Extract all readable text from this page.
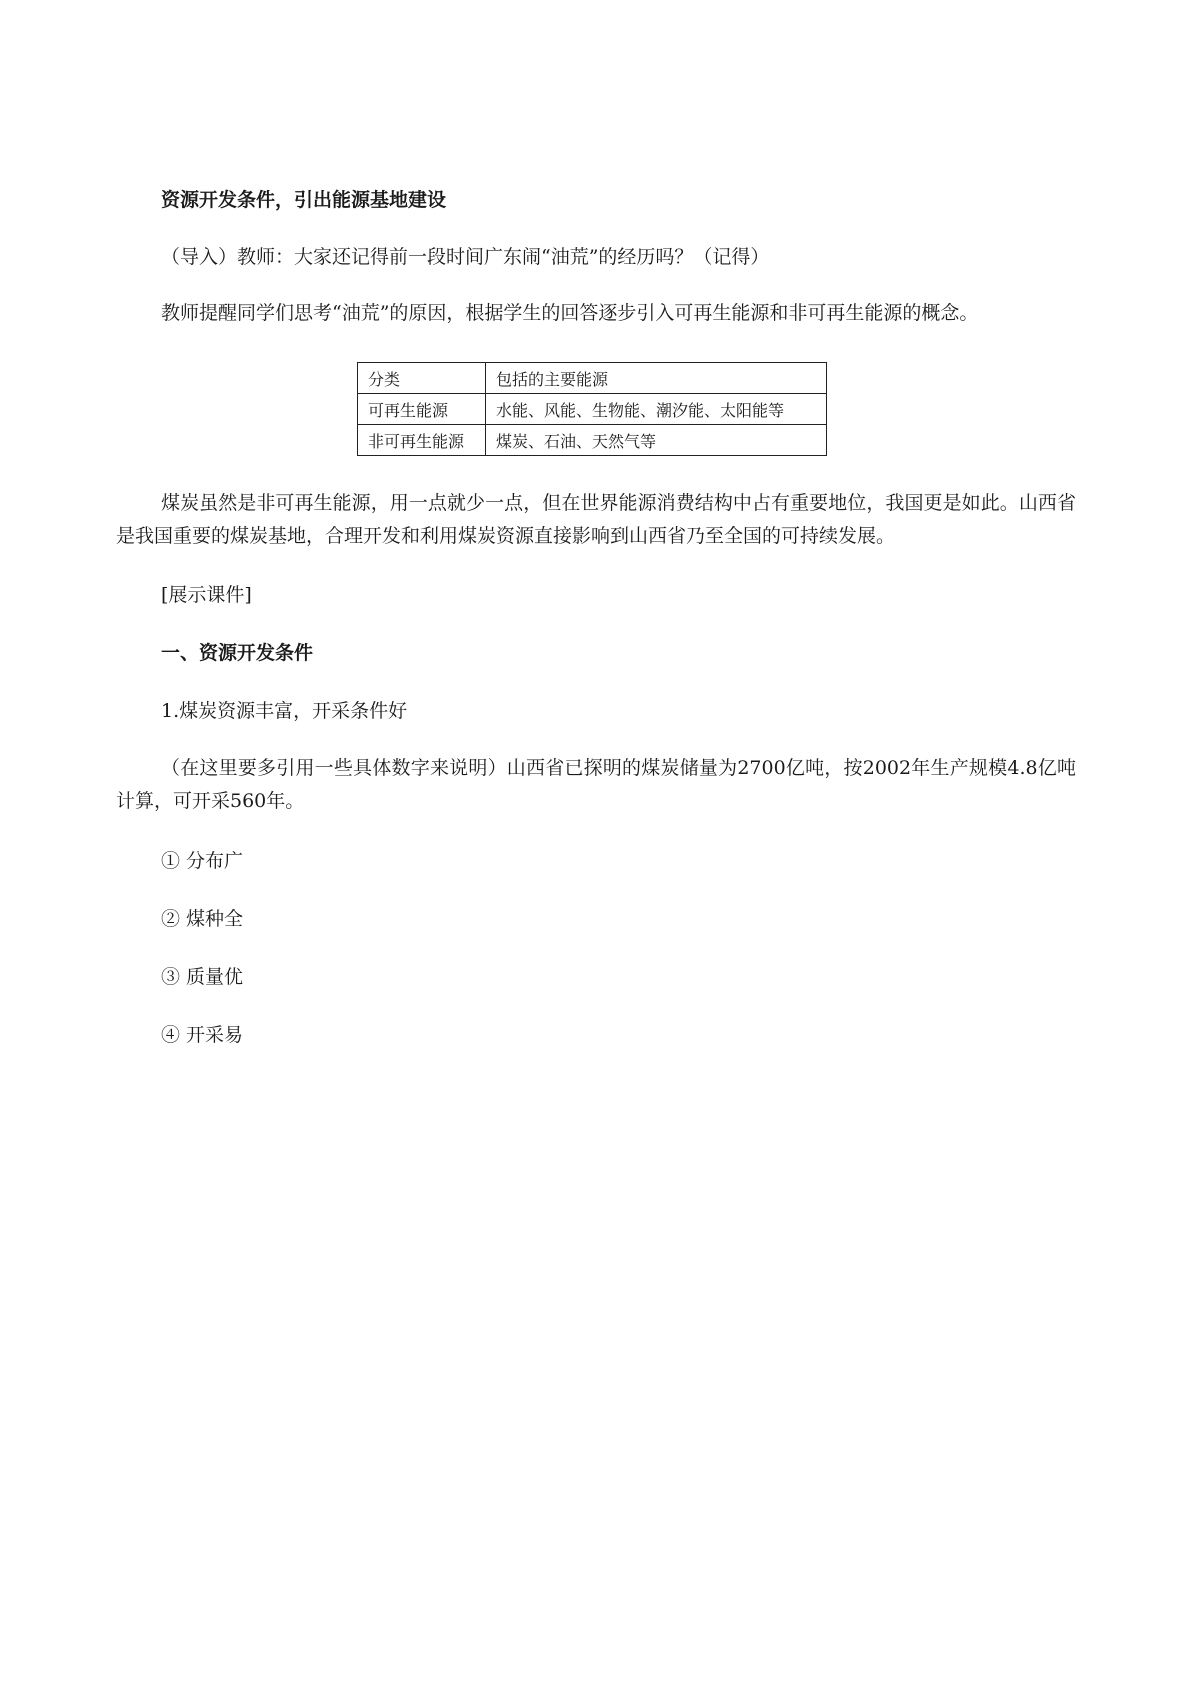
资源开发条件，引出能源基地建设

（导入）教师：大家还记得前一段时间广东闹“油荒”的经历吗？（记得）

教师提醒同学们思考“油荒”的原因，根据学生的回答逐步引入可再生能源和非可再生能源的概念。

分类	包括的主要能源
可再生能源	水能、风能、生物能、潮汐能、太阳能等
非可再生能源	煤炭、石油、天然气等

煤炭虽然是非可再生能源，用一点就少一点，但在世界能源消费结构中占有重要地位，我国更是如此。山西省是我国重要的煤炭基地，合理开发和利用煤炭资源直接影响到山西省乃至全国的可持续发展。

[展示课件]

一、资源开发条件

1.煤炭资源丰富，开采条件好

（在这里要多引用一些具体数字来说明）山西省已探明的煤炭储量为2700亿吨，按2002年生产规模4.8亿吨计算，可开采560年。

① 分布广

② 煤种全

③ 质量优

④ 开采易
